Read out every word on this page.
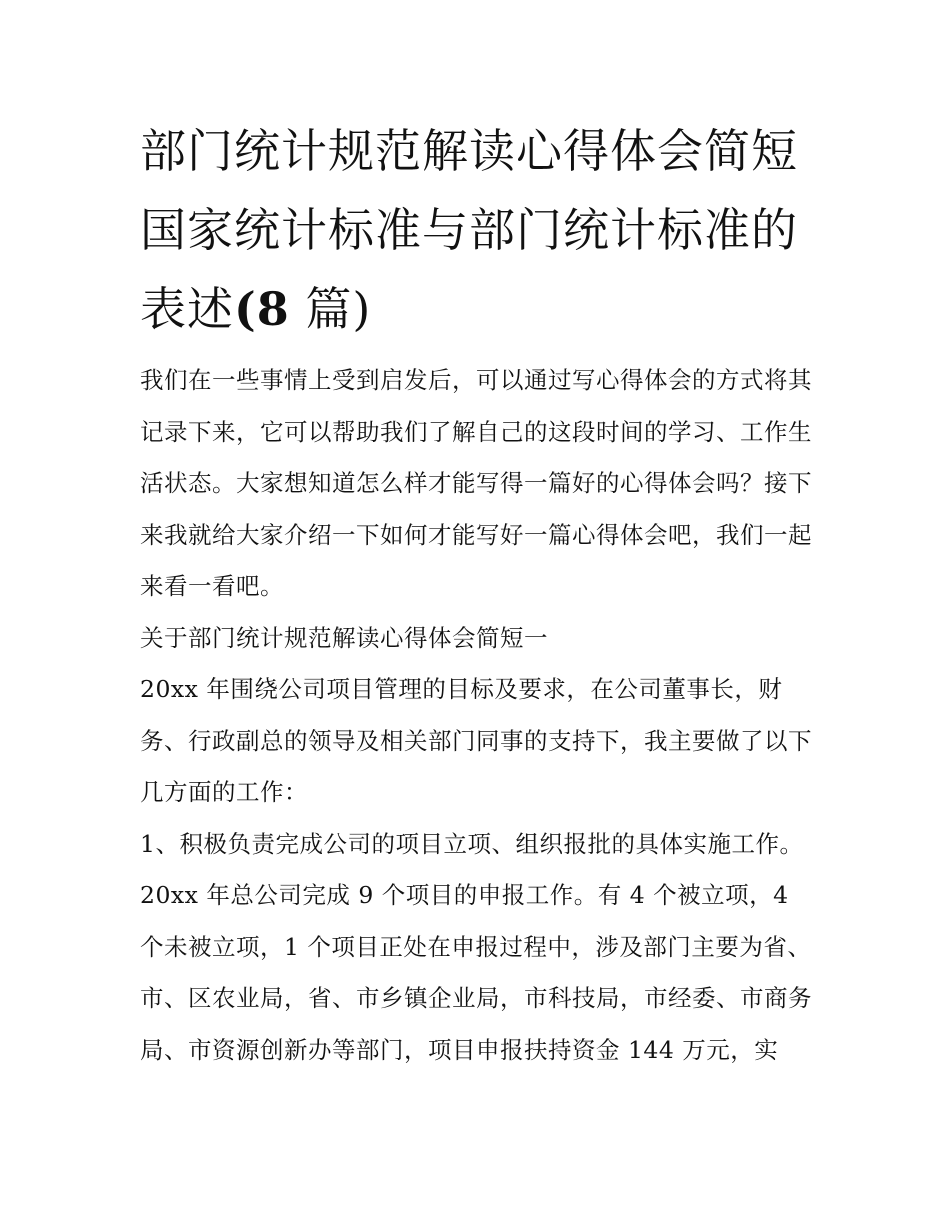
部门统计规范解读心得体会简短 国家统计标准与部门统计标准的表述(8 篇)

我们在一些事情上受到启发后，可以通过写心得体会的方式将其记录下来，它可以帮助我们了解自己的这段时间的学习、工作生活状态。大家想知道怎么样才能写得一篇好的心得体会吗？接下来我就给大家介绍一下如何才能写好一篇心得体会吧，我们一起来看一看吧。

关于部门统计规范解读心得体会简短一

20xx 年围绕公司项目管理的目标及要求，在公司董事长，财务、行政副总的领导及相关部门同事的支持下，我主要做了以下几方面的工作：

1、积极负责完成公司的项目立项、组织报批的具体实施工作。

20xx 年总公司完成 9 个项目的申报工作。有 4 个被立项，4 个未被立项，1 个项目正处在申报过程中，涉及部门主要为省、市、区农业局，省、市乡镇企业局，市科技局，市经委、市商务局、市资源创新办等部门，项目申报扶持资金 144 万元，实
